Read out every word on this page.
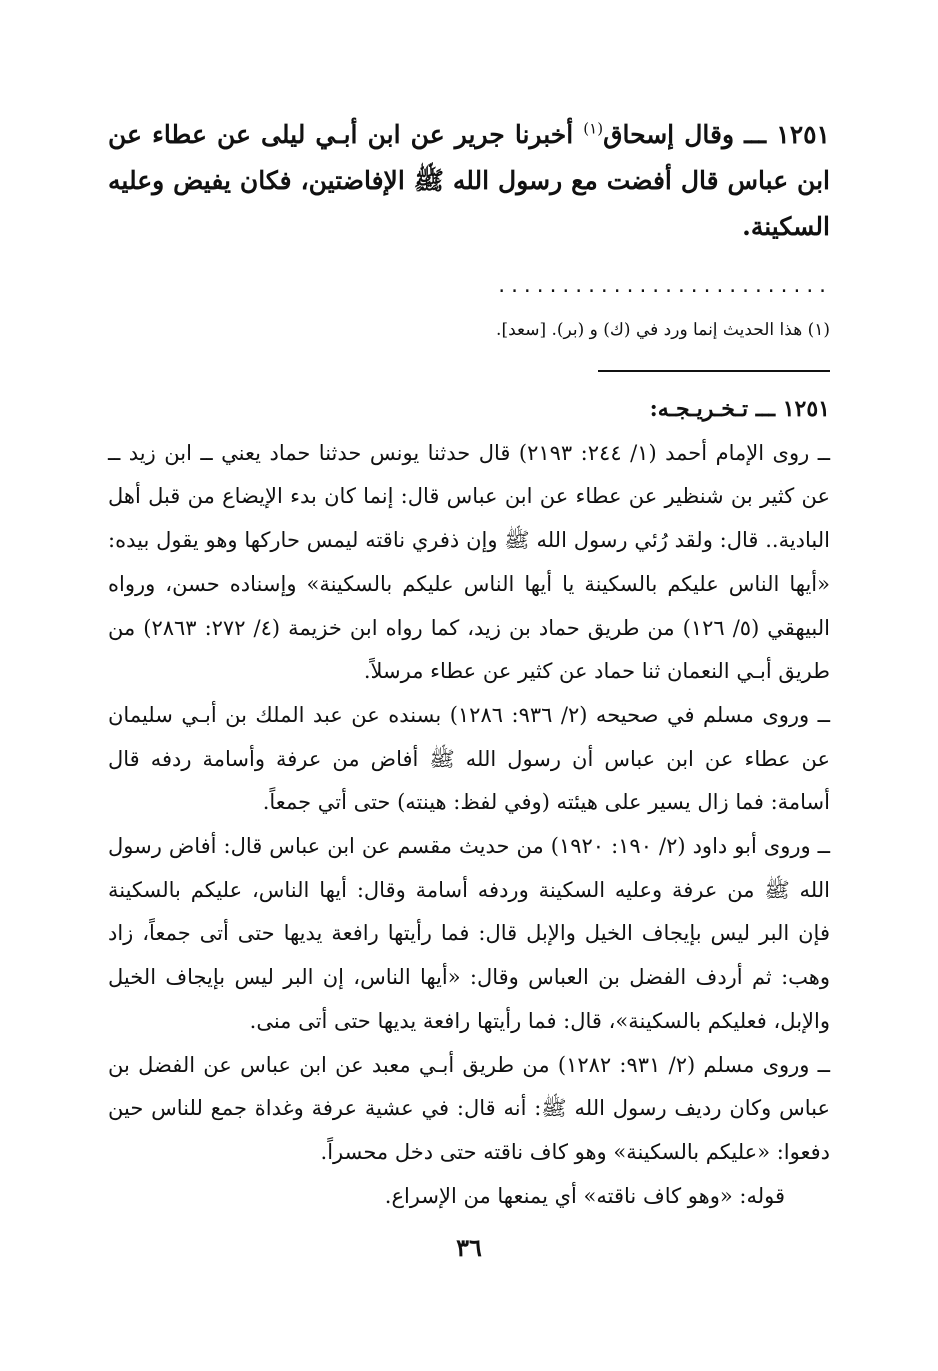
١٢٥١ ـــ وقال إسحاق$^{(١)}$ أخبرنا جرير عن ابن أبـي ليلى عن عطاء عن ابن عباس قال أفضت مع رسول الله ﷺ الإفاضتين، فكان يفيض وعليه السكينة.

..........................
(١) هذا الحديث إنما ورد في (ك) و (بر). [سعد].

١٢٥١ ـــ تـخـريـجـه:

ــ روى الإمام أحمد (١/ ٢٤٤: ٢١٩٣) قال حدثنا يونس حدثنا حماد يعني ــ ابن زيد ــ عن كثير بن شنظير عن عطاء عن ابن عباس قال: إنما كان بدء الإيضاع من قبل أهل البادية.. قال: ولقد رُئي رسول الله ﷺ وإن ذفري ناقته ليمس حاركها وهو يقول بيده: «أيها الناس عليكم بالسكينة يا أيها الناس عليكم بالسكينة» وإسناده حسن، ورواه البيهقي (٥/ ١٢٦) من طريق حماد بن زيد، كما رواه ابن خزيمة (٤/ ٢٧٢: ٢٨٦٣) من طريق أبـي النعمان ثنا حماد عن كثير عن عطاء مرسلاً.

ــ وروى مسلم في صحيحه (٢/ ٩٣٦: ١٢٨٦) بسنده عن عبد الملك بن أبـي سليمان عن عطاء عن ابن عباس أن رسول الله ﷺ أفاض من عرفة وأسامة ردفه قال أسامة: فما زال يسير على هيئته (وفي لفظ: هينته) حتى أتي جمعاً.

ــ وروى أبو داود (٢/ ١٩٠: ١٩٢٠) من حديث مقسم عن ابن عباس قال: أفاض رسول الله ﷺ من عرفة وعليه السكينة وردفه أسامة وقال: أيها الناس، عليكم بالسكينة فإن البر ليس بإيجاف الخيل والإبل قال: فما رأيتها رافعة يديها حتى أتى جمعاً، زاد وهب: ثم أردف الفضل بن العباس وقال: «أيها الناس، إن البر ليس بإيجاف الخيل والإبل، فعليكم بالسكينة»، قال: فما رأيتها رافعة يديها حتى أتى منى.

ــ وروى مسلم (٢/ ٩٣١: ١٢٨٢) من طريق أبـي معبد عن ابن عباس عن الفضل بن عباس وكان رديف رسول الله ﷺ: أنه قال: في عشية عرفة وغداة جمع للناس حين دفعوا: «عليكم بالسكينة» وهو كاف ناقته حتى دخل محسراً.

قوله: «وهو كاف ناقته» أي يمنعها من الإسراع.

٣٦
